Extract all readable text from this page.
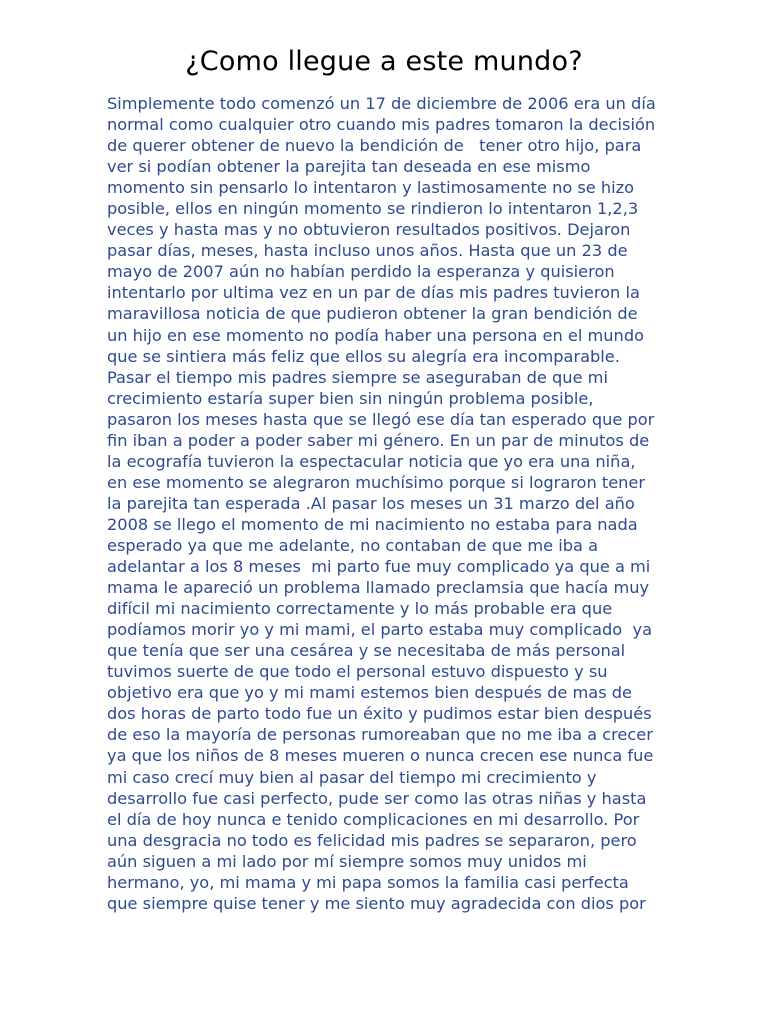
¿Como llegue a este mundo?
Simplemente todo comenzó un 17 de diciembre de 2006 era un día
normal como cualquier otro cuando mis padres tomaron la decisión
de querer obtener de nuevo la bendición de   tener otro hijo, para
ver si podían obtener la parejita tan deseada en ese mismo
momento sin pensarlo lo intentaron y lastimosamente no se hizo
posible, ellos en ningún momento se rindieron lo intentaron 1,2,3
veces y hasta mas y no obtuvieron resultados positivos. Dejaron
pasar días, meses, hasta incluso unos años. Hasta que un 23 de
mayo de 2007 aún no habían perdido la esperanza y quisieron
intentarlo por ultima vez en un par de días mis padres tuvieron la
maravillosa noticia de que pudieron obtener la gran bendición de
un hijo en ese momento no podía haber una persona en el mundo
que se sintiera más feliz que ellos su alegría era incomparable.
Pasar el tiempo mis padres siempre se aseguraban de que mi
crecimiento estaría super bien sin ningún problema posible,
pasaron los meses hasta que se llegó ese día tan esperado que por
fin iban a poder a poder saber mi género. En un par de minutos de
la ecografía tuvieron la espectacular noticia que yo era una niña,
en ese momento se alegraron muchísimo porque si lograron tener
la parejita tan esperada .Al pasar los meses un 31 marzo del año
2008 se llego el momento de mi nacimiento no estaba para nada
esperado ya que me adelante, no contaban de que me iba a
adelantar a los 8 meses  mi parto fue muy complicado ya que a mi
mama le apareció un problema llamado preclamsia que hacía muy
difícil mi nacimiento correctamente y lo más probable era que
podíamos morir yo y mi mami, el parto estaba muy complicado  ya
que tenía que ser una cesárea y se necesitaba de más personal
tuvimos suerte de que todo el personal estuvo dispuesto y su
objetivo era que yo y mi mami estemos bien después de mas de
dos horas de parto todo fue un éxito y pudimos estar bien después
de eso la mayoría de personas rumoreaban que no me iba a crecer
ya que los niños de 8 meses mueren o nunca crecen ese nunca fue
mi caso crecí muy bien al pasar del tiempo mi crecimiento y
desarrollo fue casi perfecto, pude ser como las otras niñas y hasta
el día de hoy nunca e tenido complicaciones en mi desarrollo. Por
una desgracia no todo es felicidad mis padres se separaron, pero
aún siguen a mi lado por mí siempre somos muy unidos mi
hermano, yo, mi mama y mi papa somos la familia casi perfecta
que siempre quise tener y me siento muy agradecida con dios por
